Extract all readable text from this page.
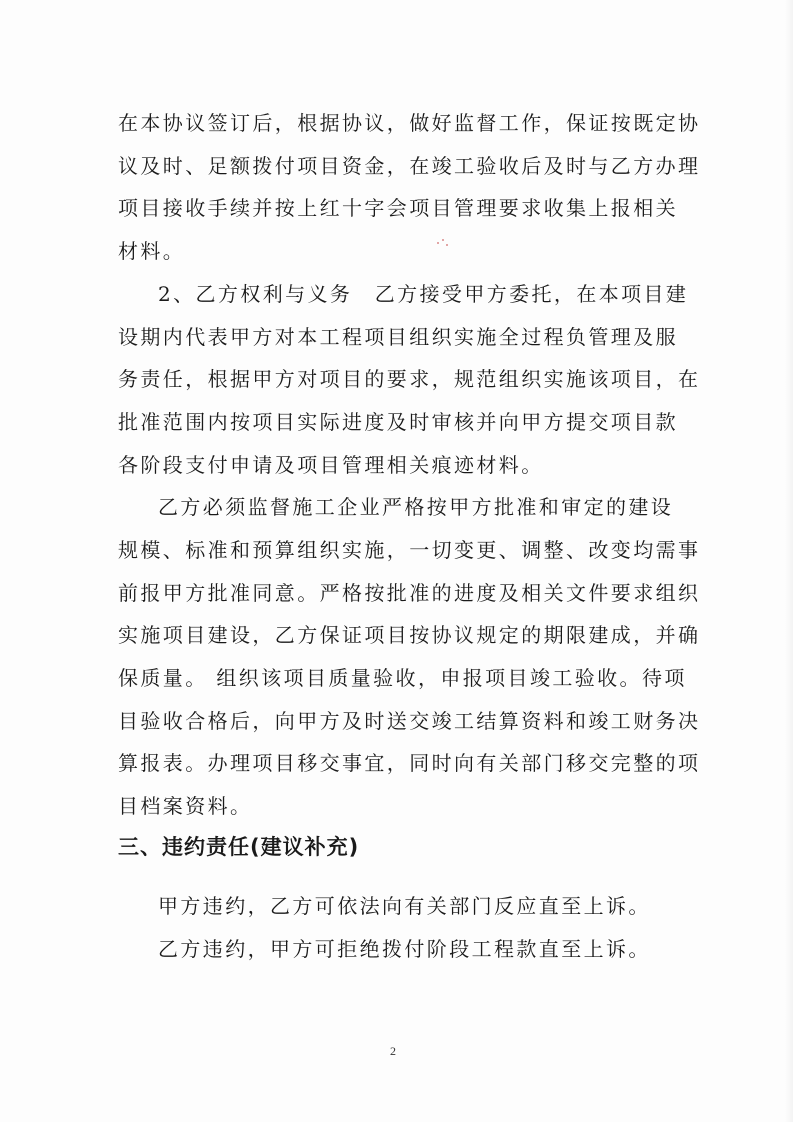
在本协议签订后，根据协议，做好监督工作，保证按既定协
议及时、足额拨付项目资金，在竣工验收后及时与乙方办理
项目接收手续并按上红十字会项目管理要求收集上报相关
材料。
2、乙方权利与义务　乙方接受甲方委托，在本项目建
设期内代表甲方对本工程项目组织实施全过程负管理及服
务责任，根据甲方对项目的要求，规范组织实施该项目，在
批准范围内按项目实际进度及时审核并向甲方提交项目款
各阶段支付申请及项目管理相关痕迹材料。
乙方必须监督施工企业严格按甲方批准和审定的建设
规模、标准和预算组织实施，一切变更、调整、改变均需事
前报甲方批准同意。严格按批准的进度及相关文件要求组织
实施项目建设，乙方保证项目按协议规定的期限建成，并确
保质量。 组织该项目质量验收，申报项目竣工验收。待项
目验收合格后，向甲方及时送交竣工结算资料和竣工财务决
算报表。办理项目移交事宜，同时向有关部门移交完整的项
目档案资料。
三、违约责任(建议补充)
甲方违约，乙方可依法向有关部门反应直至上诉。
乙方违约，甲方可拒绝拨付阶段工程款直至上诉。
2
